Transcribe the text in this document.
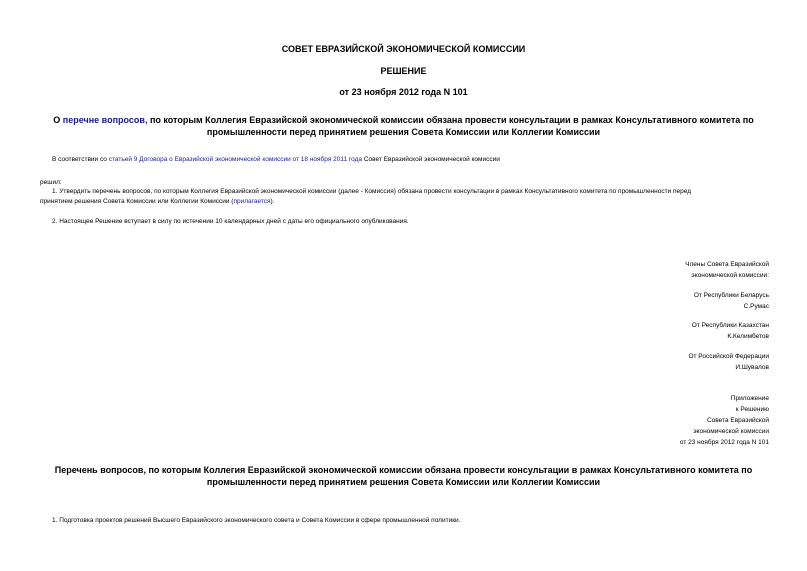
СОВЕТ ЕВРАЗИЙСКОЙ ЭКОНОМИЧЕСКОЙ КОМИССИИ
РЕШЕНИЕ
от 23 ноября 2012 года N 101
О перечне вопросов, по которым Коллегия Евразийской экономической комиссии обязана провести консультации в рамках Консультативного комитета по
промышленности перед принятием решения Совета Комиссии или Коллегии Комиссии
В соответствии со статьей 9 Договора о Евразийской экономической комиссии от 18 ноября 2011 года Совет Евразийской экономической комиссии
решил:
1. Утвердить перечень вопросов, по которым Коллегия Евразийской экономической комиссии (далее - Комиссия) обязана провести консультации в рамках Консультативного комитета по промышленности перед
принятием решения Совета Комиссии или Коллегии Комиссии (прилагается).
2. Настоящее Решение вступает в силу по истечении 10 календарных дней с даты его официального опубликования.
Члены Совета Евразийской
экономической комиссии:
От Республики Беларусь
С.Румас
От Республики Казахстан
К.Келимбетов
От Российской Федерации
И.Шувалов
Приложение
к Решению
Совета Евразийской
экономической комиссии
от 23 ноября 2012 года N 101
Перечень вопросов, по которым Коллегия Евразийской экономической комиссии обязана провести консультации в рамках Консультативного комитета по
промышленности перед принятием решения Совета Комиссии или Коллегии Комиссии
1. Подготовка проектов решений Высшего Евразийского экономического совета и Совета Комиссии в сфере промышленной политики.
